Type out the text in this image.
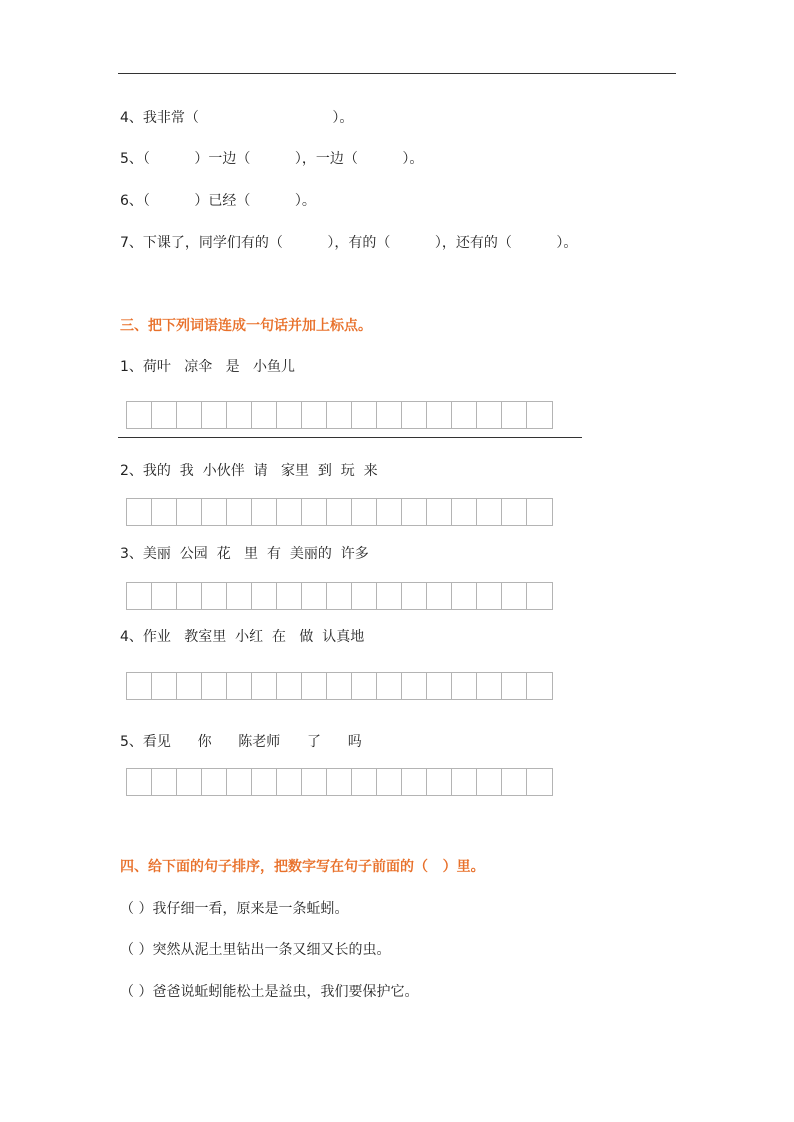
4、我非常（                              ）。
5、（          ）一边（          ），一边（          ）。
6、（          ）已经（          ）。
7、下课了，同学们有的（          ），有的（          ），还有的（          ）。
三、把下列词语连成一句话并加上标点。
1、荷叶   凉伞   是   小鱼儿
2、我的  我  小伙伴  请   家里  到  玩  来
3、美丽  公园  花   里  有  美丽的  许多
4、作业   教室里  小红  在   做  认真地
5、看见      你      陈老师      了      吗
四、给下面的句子排序，把数字写在句子前面的（   ）里。
（ ）我仔细一看，原来是一条蚯蚓。
（ ）突然从泥土里钻出一条又细又长的虫。
（ ）爸爸说蚯蚓能松土是益虫，我们要保护它。
